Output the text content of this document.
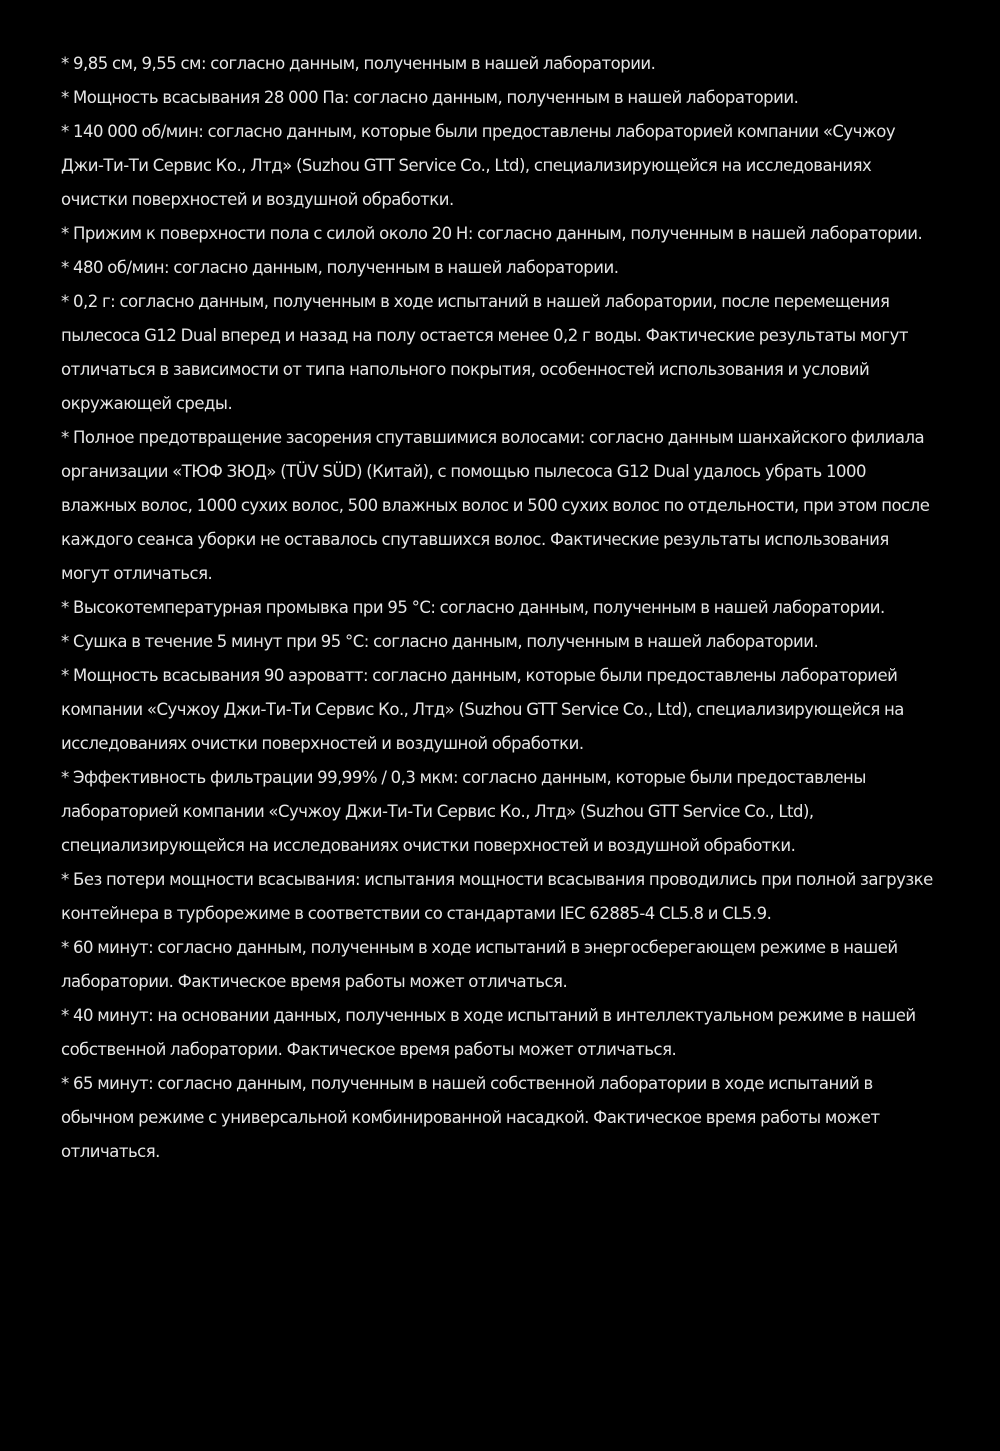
* 9,85 см, 9,55 см: согласно данным, полученным в нашей лаборатории.
* Мощность всасывания 28 000 Па: согласно данным, полученным в нашей лаборатории.
* 140 000 об/мин: согласно данным, которые были предоставлены лабораторией компании «Сучжоу Джи-Ти-Ти Сервис Ко., Лтд» (Suzhou GTT Service Co., Ltd), специализирующейся на исследованиях очистки поверхностей и воздушной обработки.
* Прижим к поверхности пола с силой около 20 Н: согласно данным, полученным в нашей лаборатории.
* 480 об/мин: согласно данным, полученным в нашей лаборатории.
* 0,2 г: согласно данным, полученным в ходе испытаний в нашей лаборатории, после перемещения пылесоса G12 Dual вперед и назад на полу остается менее 0,2 г воды. Фактические результаты могут отличаться в зависимости от типа напольного покрытия, особенностей использования и условий окружающей среды.
* Полное предотвращение засорения спутавшимися волосами: согласно данным шанхайского филиала организации «ТЮФ ЗЮД» (TÜV SÜD) (Китай), с помощью пылесоса G12 Dual удалось убрать 1000 влажных волос, 1000 сухих волос, 500 влажных волос и 500 сухих волос по отдельности, при этом после каждого сеанса уборки не оставалось спутавшихся волос. Фактические результаты использования могут отличаться.
* Высокотемпературная промывка при 95 °C: согласно данным, полученным в нашей лаборатории.
* Сушка в течение 5 минут при 95 °C: согласно данным, полученным в нашей лаборатории.
* Мощность всасывания 90 аэроватт: согласно данным, которые были предоставлены лабораторией компании «Сучжоу Джи-Ти-Ти Сервис Ко., Лтд» (Suzhou GTT Service Co., Ltd), специализирующейся на исследованиях очистки поверхностей и воздушной обработки.
* Эффективность фильтрации 99,99% / 0,3 мкм: согласно данным, которые были предоставлены лабораторией компании «Сучжоу Джи-Ти-Ти Сервис Ко., Лтд» (Suzhou GTT Service Co., Ltd), специализирующейся на исследованиях очистки поверхностей и воздушной обработки.
* Без потери мощности всасывания: испытания мощности всасывания проводились при полной загрузке контейнера в турборежиме в соответствии со стандартами IEC 62885-4 CL5.8 и CL5.9.
* 60 минут: согласно данным, полученным в ходе испытаний в энергосберегающем режиме в нашей лаборатории. Фактическое время работы может отличаться.
* 40 минут: на основании данных, полученных в ходе испытаний в интеллектуальном режиме в нашей собственной лаборатории. Фактическое время работы может отличаться.
* 65 минут: согласно данным, полученным в нашей собственной лаборатории в ходе испытаний в обычном режиме с универсальной комбинированной насадкой. Фактическое время работы может отличаться.
